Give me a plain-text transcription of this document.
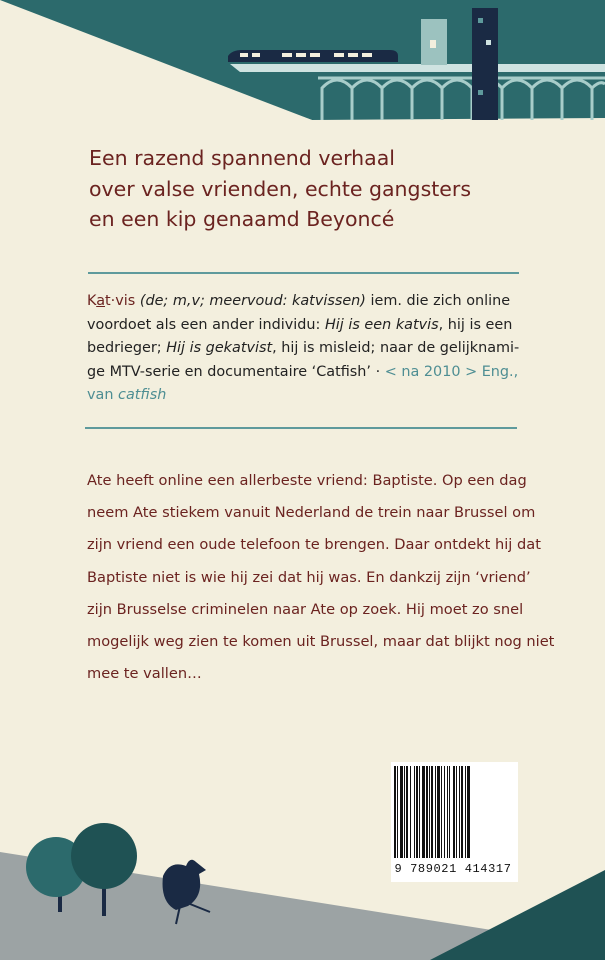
Een razend spannend verhaal
over valse vrienden, echte gangsters
en een kip genaamd Beyoncé
Kat·vis (de; m,v; meervoud: katvissen) iem. die zich online voordoet als een ander individu: Hij is een katvis, hij is een bedrieger; Hij is gekatvist, hij is misleid; naar de gelijknamige MTV-serie en documentaire ‘Catfish’ · < na 2010 > Eng., van catfish
Ate heeft online een allerbeste vriend: Baptiste. Op een dag neem Ate stiekem vanuit Nederland de trein naar Brussel om zijn vriend een oude telefoon te brengen. Daar ontdekt hij dat Baptiste niet is wie hij zei dat hij was. En dankzij zijn ‘vriend’ zijn Brusselse criminelen naar Ate op zoek. Hij moet zo snel mogelijk weg zien te komen uit Brussel, maar dat blijkt nog niet mee te vallen…
9 789021 414317
